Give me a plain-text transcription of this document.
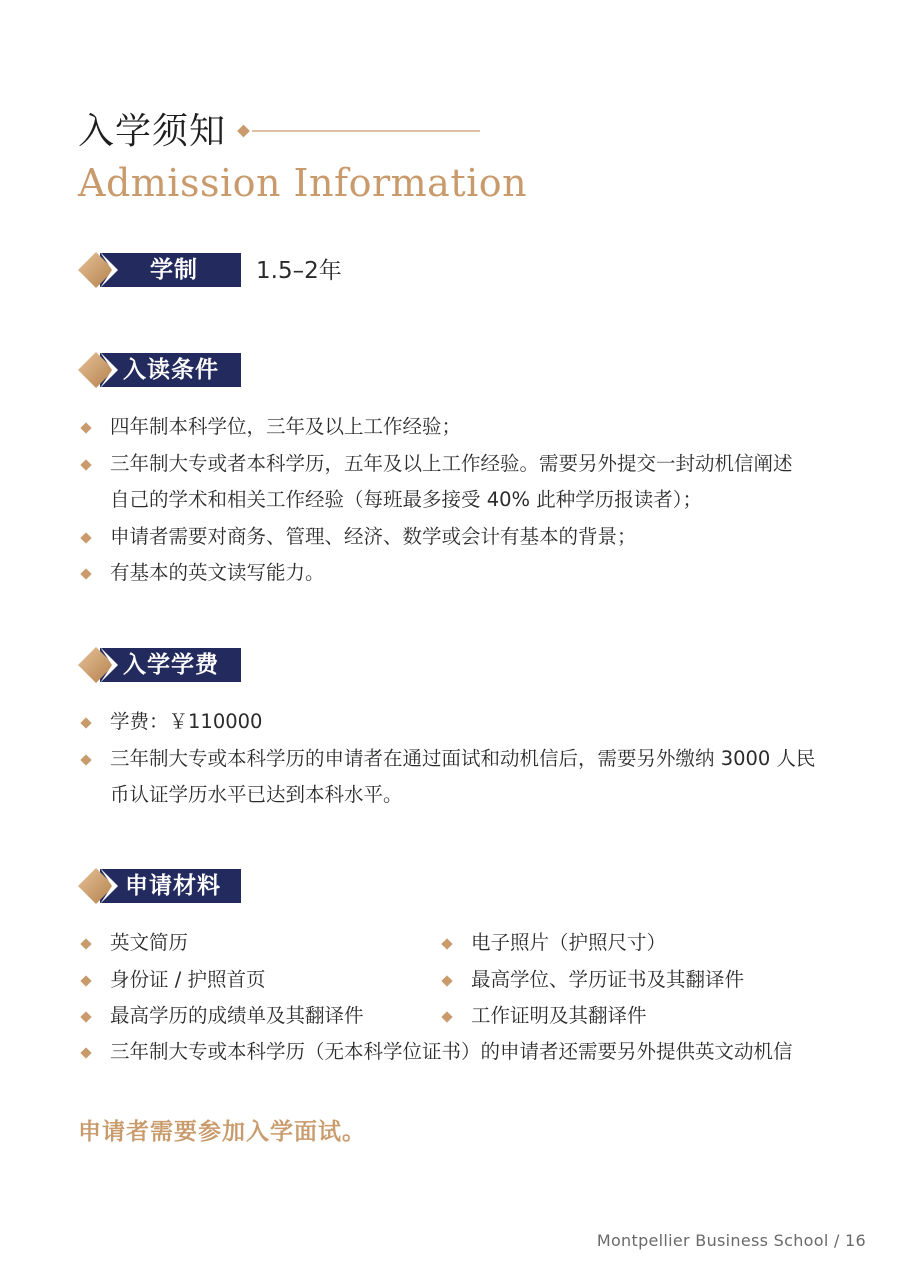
入学须知
Admission Information
学制	1.5–2年
入读条件
四年制本科学位，三年及以上工作经验；
三年制大专或者本科学历，五年及以上工作经验。需要另外提交一封动机信阐述自己的学术和相关工作经验（每班最多接受 40% 此种学历报读者）；
申请者需要对商务、管理、经济、数学或会计有基本的背景；
有基本的英文读写能力。
入学学费
学费：￥110000
三年制大专或本科学历的申请者在通过面试和动机信后，需要另外缴纳 3000 人民币认证学历水平已达到本科水平。
申请材料
英文简历
身份证 / 护照首页
最高学历的成绩单及其翻译件
电子照片（护照尺寸）
最高学位、学历证书及其翻译件
工作证明及其翻译件
三年制大专或本科学历（无本科学位证书）的申请者还需要另外提供英文动机信
申请者需要参加入学面试。
Montpellier Business School / 16
